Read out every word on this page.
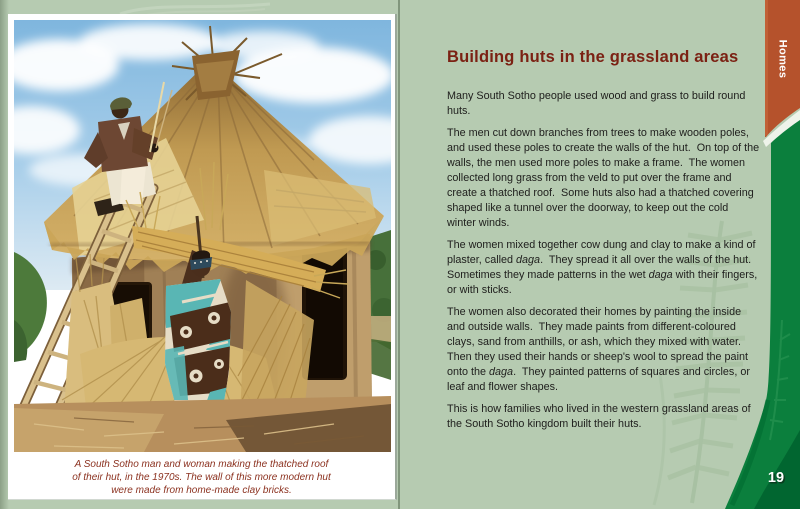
A South Sotho man and woman making the thatched roof
of their hut, in the 1970s. The wall of this more modern hut
were made from home-made clay bricks.
Building huts in the grassland areas

Many South Sotho people used wood and grass to build round huts.

The men cut down branches from trees to make wooden poles, and used these poles to create the walls of the hut.  On top of the walls, the men used more poles to make a frame.  The women collected long grass from the veld to put over the frame and create a thatched roof.  Some huts also had a thatched covering shaped like a tunnel over the doorway, to keep out the cold winter winds.

The women mixed together cow dung and clay to make a kind of plaster, called daga.  They spread it all over the walls of the hut.  Sometimes they made patterns in the wet daga with their fingers, or with sticks.

The women also decorated their homes by painting the inside and outside walls.  They made paints from different-coloured clays, sand from anthills, or ash, which they mixed with water.  Then they used their hands or sheep's wool to spread the paint onto the daga.  They painted patterns of squares and circles, or leaf and flower shapes.

This is how families who lived in the western grassland areas of the South Sotho kingdom built their huts.

Homes
19
